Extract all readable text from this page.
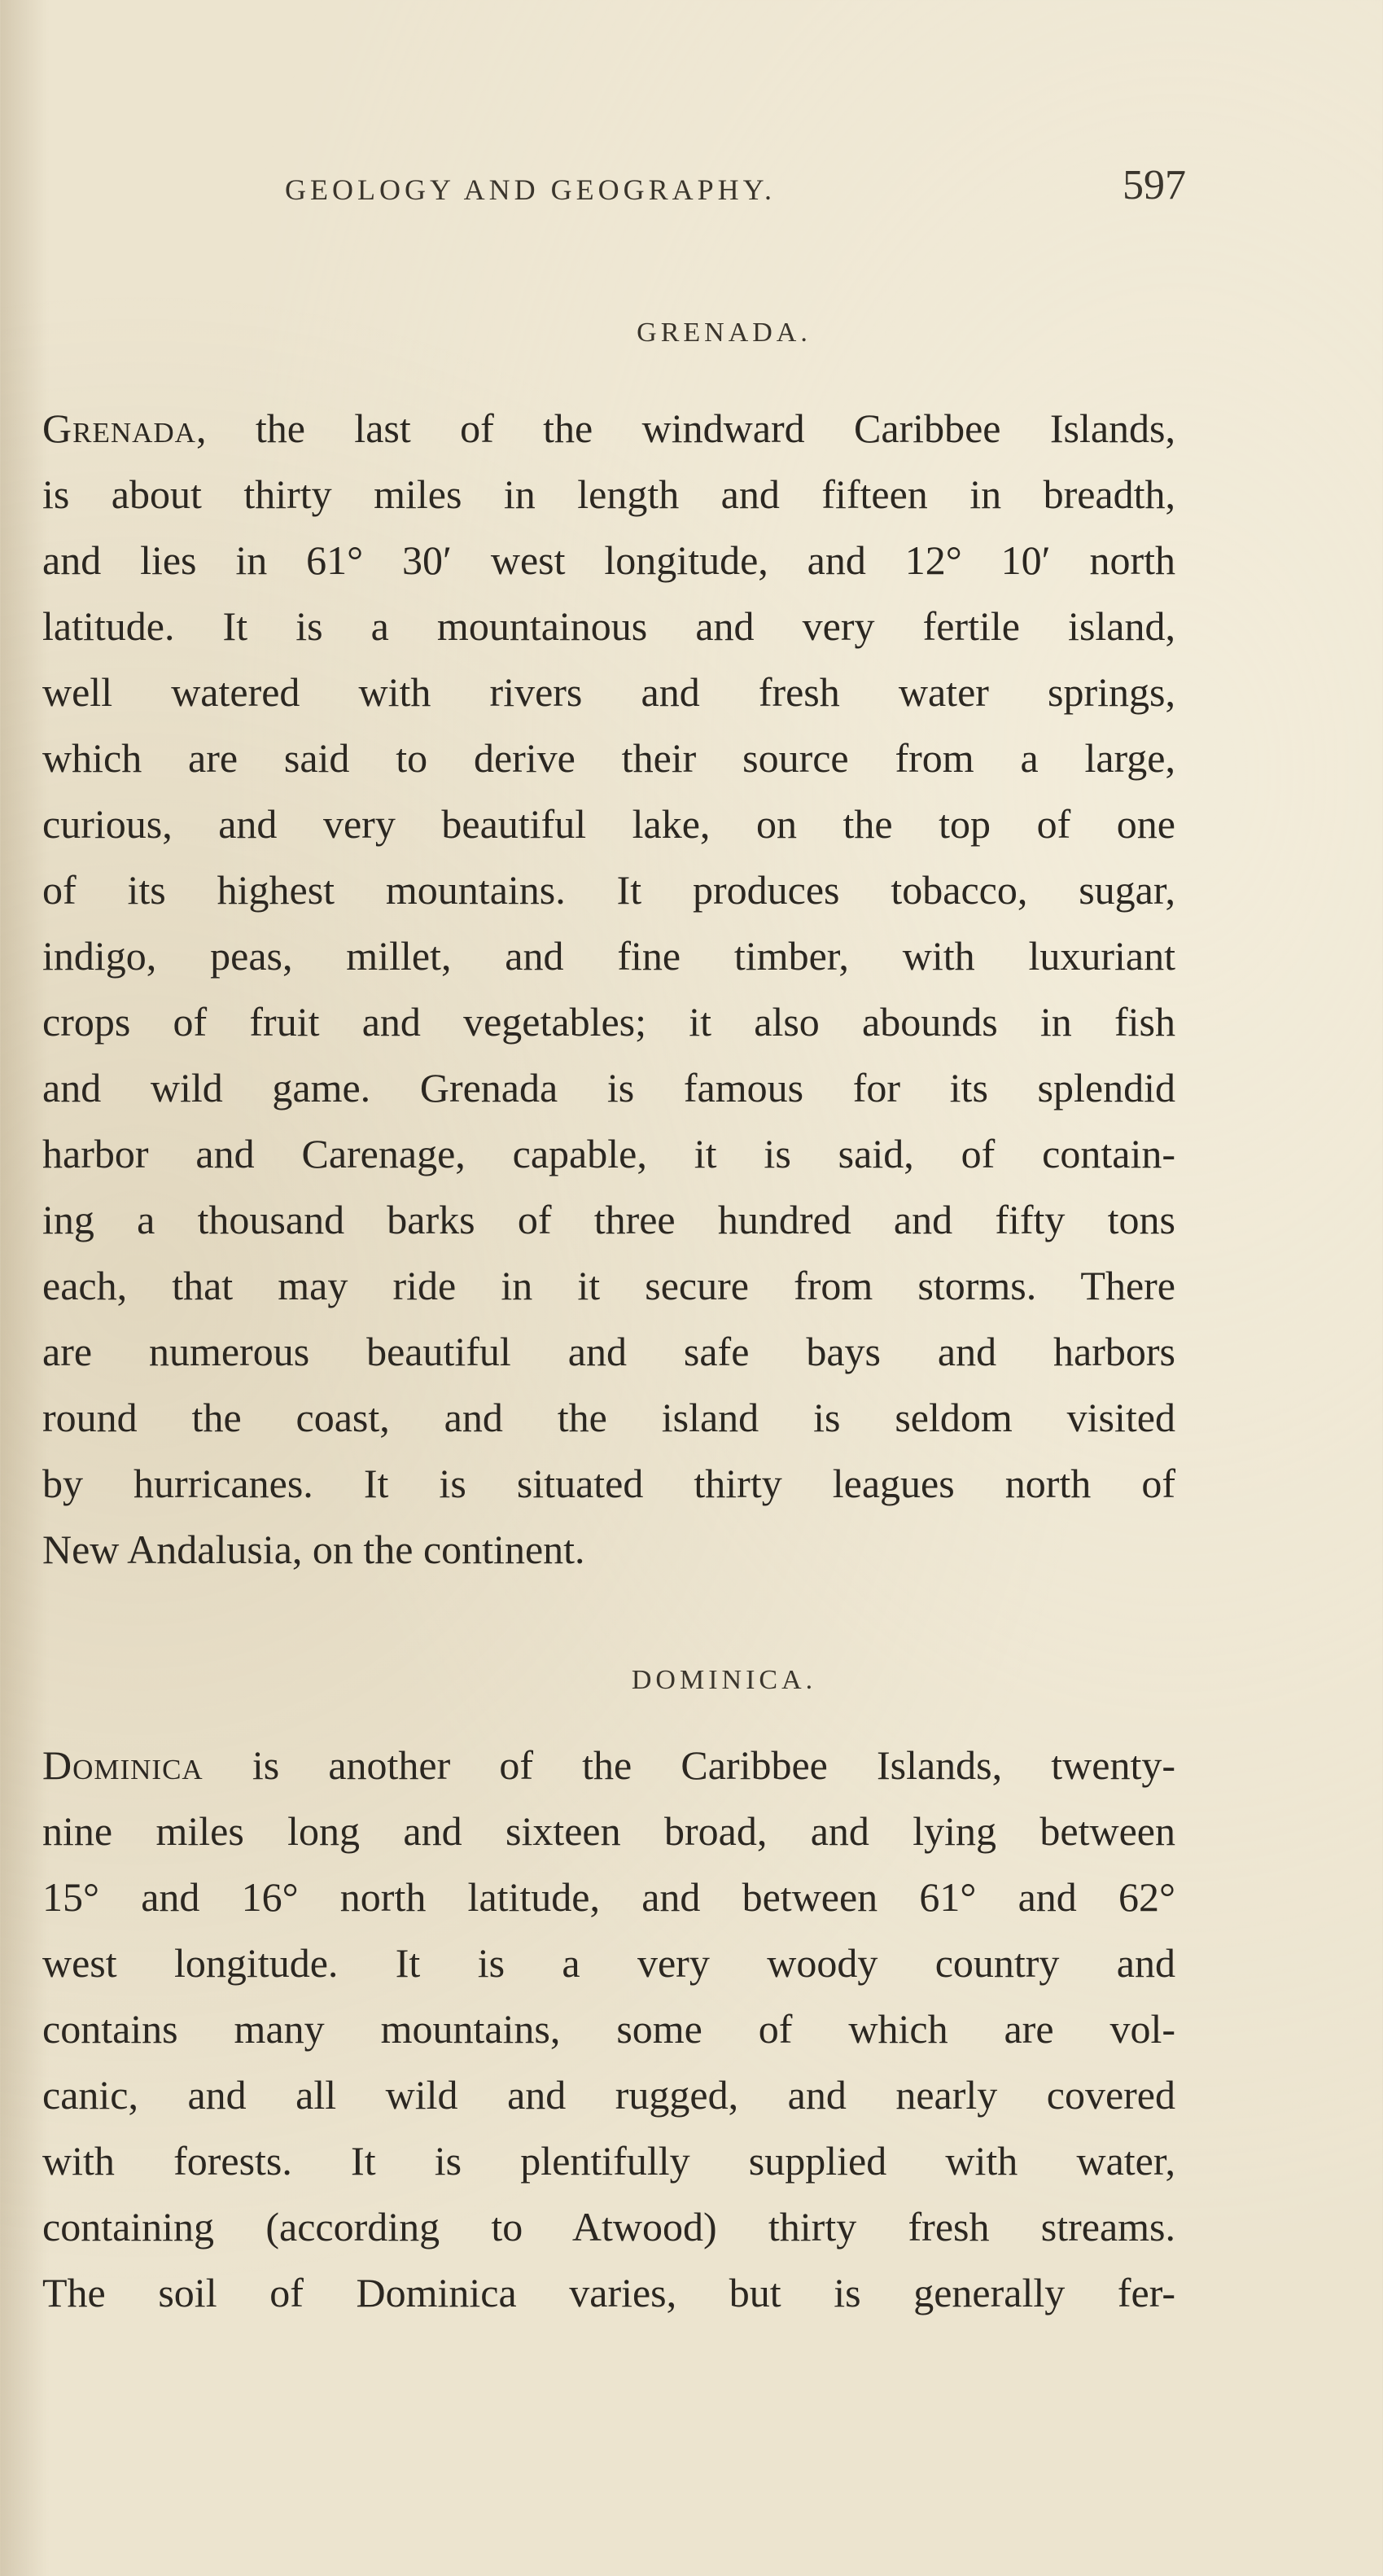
GEOLOGY AND GEOGRAPHY.	597
GRENADA.
Grenada, the last of the windward Caribbee Islands,
is about thirty miles in length and fifteen in breadth,
and lies in 61° 30′ west longitude, and 12° 10′ north
latitude. It is a mountainous and very fertile island,
well watered with rivers and fresh water springs,
which are said to derive their source from a large,
curious, and very beautiful lake, on the top of one
of its highest mountains. It produces tobacco, sugar,
indigo, peas, millet, and fine timber, with luxuriant
crops of fruit and vegetables; it also abounds in fish
and wild game. Grenada is famous for its splendid
harbor and Carenage, capable, it is said, of contain-
ing a thousand barks of three hundred and fifty tons
each, that may ride in it secure from storms. There
are numerous beautiful and safe bays and harbors
round the coast, and the island is seldom visited
by hurricanes. It is situated thirty leagues north of
New Andalusia, on the continent.
DOMINICA.
Dominica is another of the Caribbee Islands, twenty-
nine miles long and sixteen broad, and lying between
15° and 16° north latitude, and between 61° and 62°
west longitude. It is a very woody country and
contains many mountains, some of which are vol-
canic, and all wild and rugged, and nearly covered
with forests. It is plentifully supplied with water,
containing (according to Atwood) thirty fresh streams.
The soil of Dominica varies, but is generally fer-
